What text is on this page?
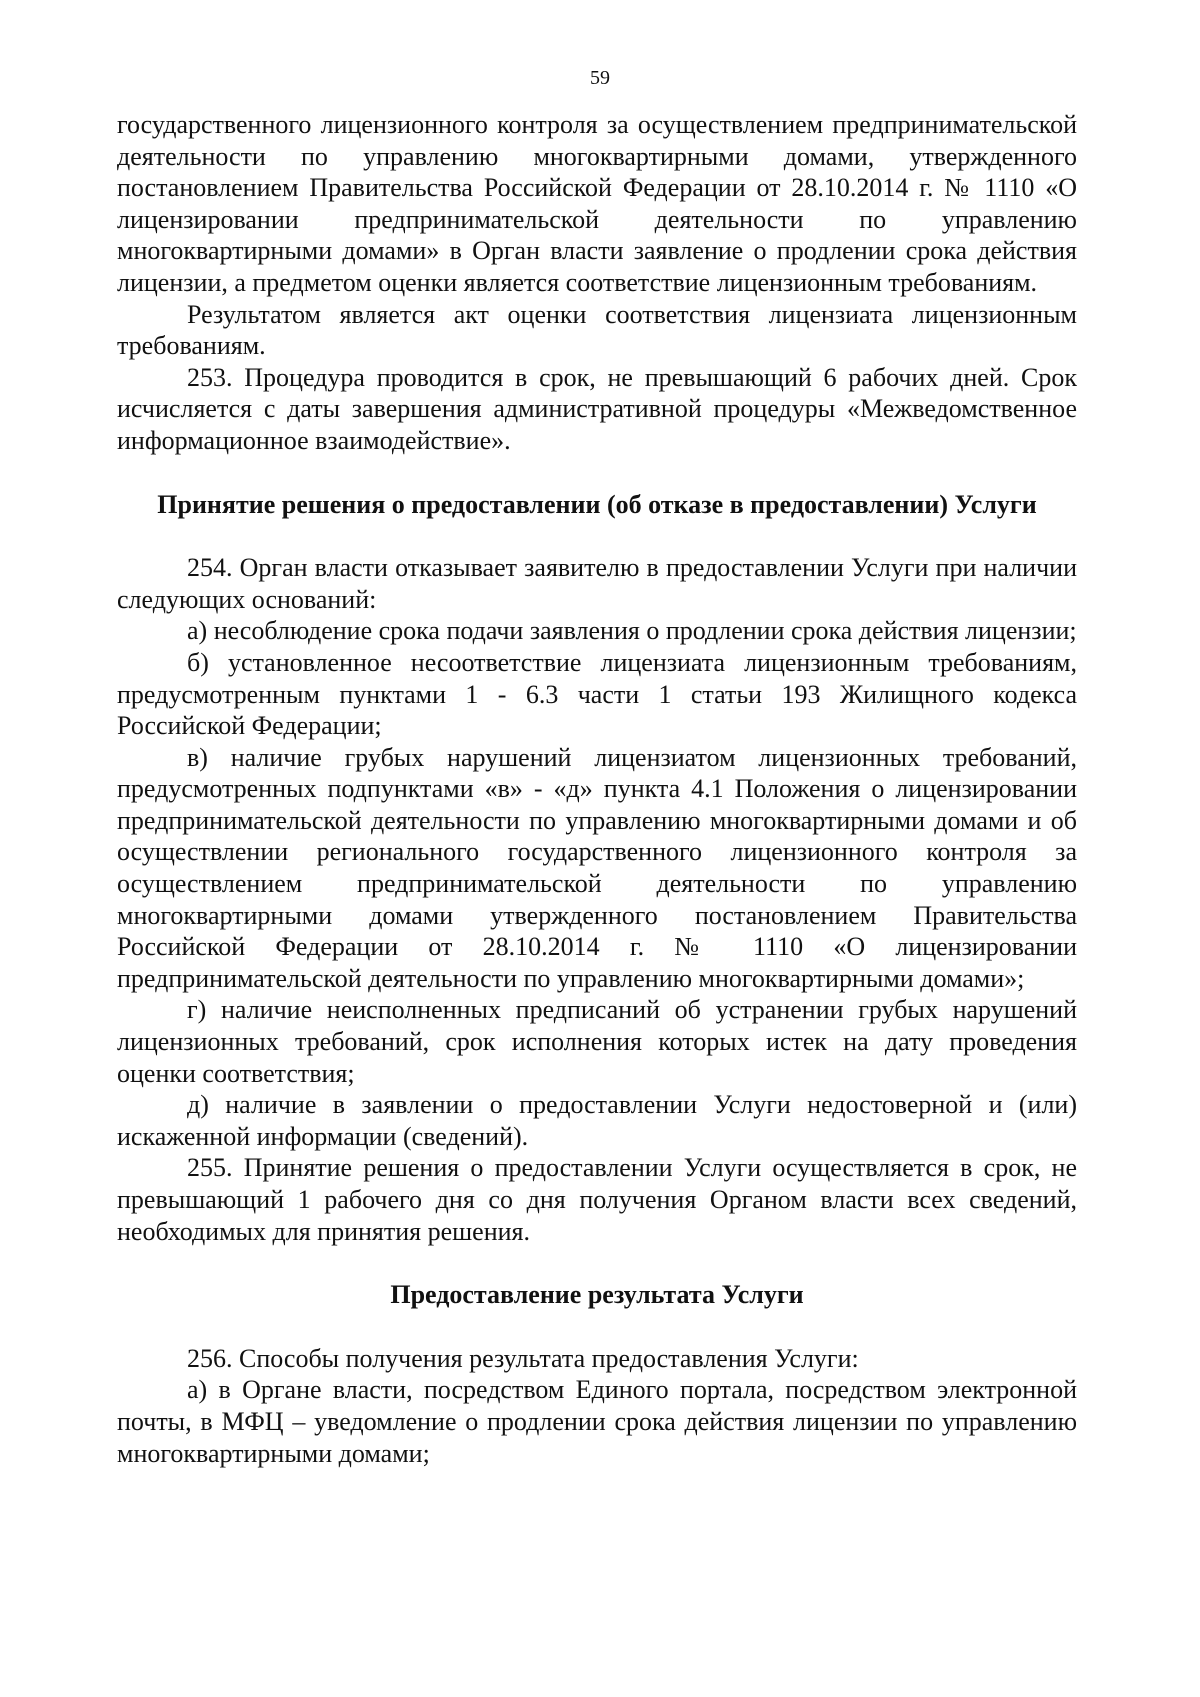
59

государственного лицензионного контроля за осуществлением предпринимательской деятельности по управлению многоквартирными домами, утвержденного постановлением Правительства Российской Федерации от 28.10.2014 г. № 1110 «О лицензировании предпринимательской деятельности по управлению многоквартирными домами» в Орган власти заявление о продлении срока действия лицензии, а предметом оценки является соответствие лицензионным требованиям.

Результатом является акт оценки соответствия лицензиата лицензионным требованиям.

253. Процедура проводится в срок, не превышающий 6 рабочих дней. Срок исчисляется с даты завершения административной процедуры «Межведомственное информационное взаимодействие».

Принятие решения о предоставлении (об отказе в предоставлении) Услуги

254. Орган власти отказывает заявителю в предоставлении Услуги при наличии следующих оснований:

а) несоблюдение срока подачи заявления о продлении срока действия лицензии;

б) установленное несоответствие лицензиата лицензионным требованиям, предусмотренным пунктами 1 - 6.3 части 1 статьи 193 Жилищного кодекса Российской Федерации;

в) наличие грубых нарушений лицензиатом лицензионных требований, предусмотренных подпунктами «в» - «д» пункта 4.1 Положения о лицензировании предпринимательской деятельности по управлению многоквартирными домами и об осуществлении регионального государственного лицензионного контроля за осуществлением предпринимательской деятельности по управлению многоквартирными домами утвержденного постановлением Правительства Российской Федерации от 28.10.2014 г. № 1110 «О лицензировании предпринимательской деятельности по управлению многоквартирными домами»;

г) наличие неисполненных предписаний об устранении грубых нарушений лицензионных требований, срок исполнения которых истек на дату проведения оценки соответствия;

д) наличие в заявлении о предоставлении Услуги недостоверной и (или) искаженной информации (сведений).

255. Принятие решения о предоставлении Услуги осуществляется в срок, не превышающий 1 рабочего дня со дня получения Органом власти всех сведений, необходимых для принятия решения.

Предоставление результата Услуги

256. Способы получения результата предоставления Услуги:

а) в Органе власти, посредством Единого портала, посредством электронной почты, в МФЦ – уведомление о продлении срока действия лицензии по управлению многоквартирными домами;
